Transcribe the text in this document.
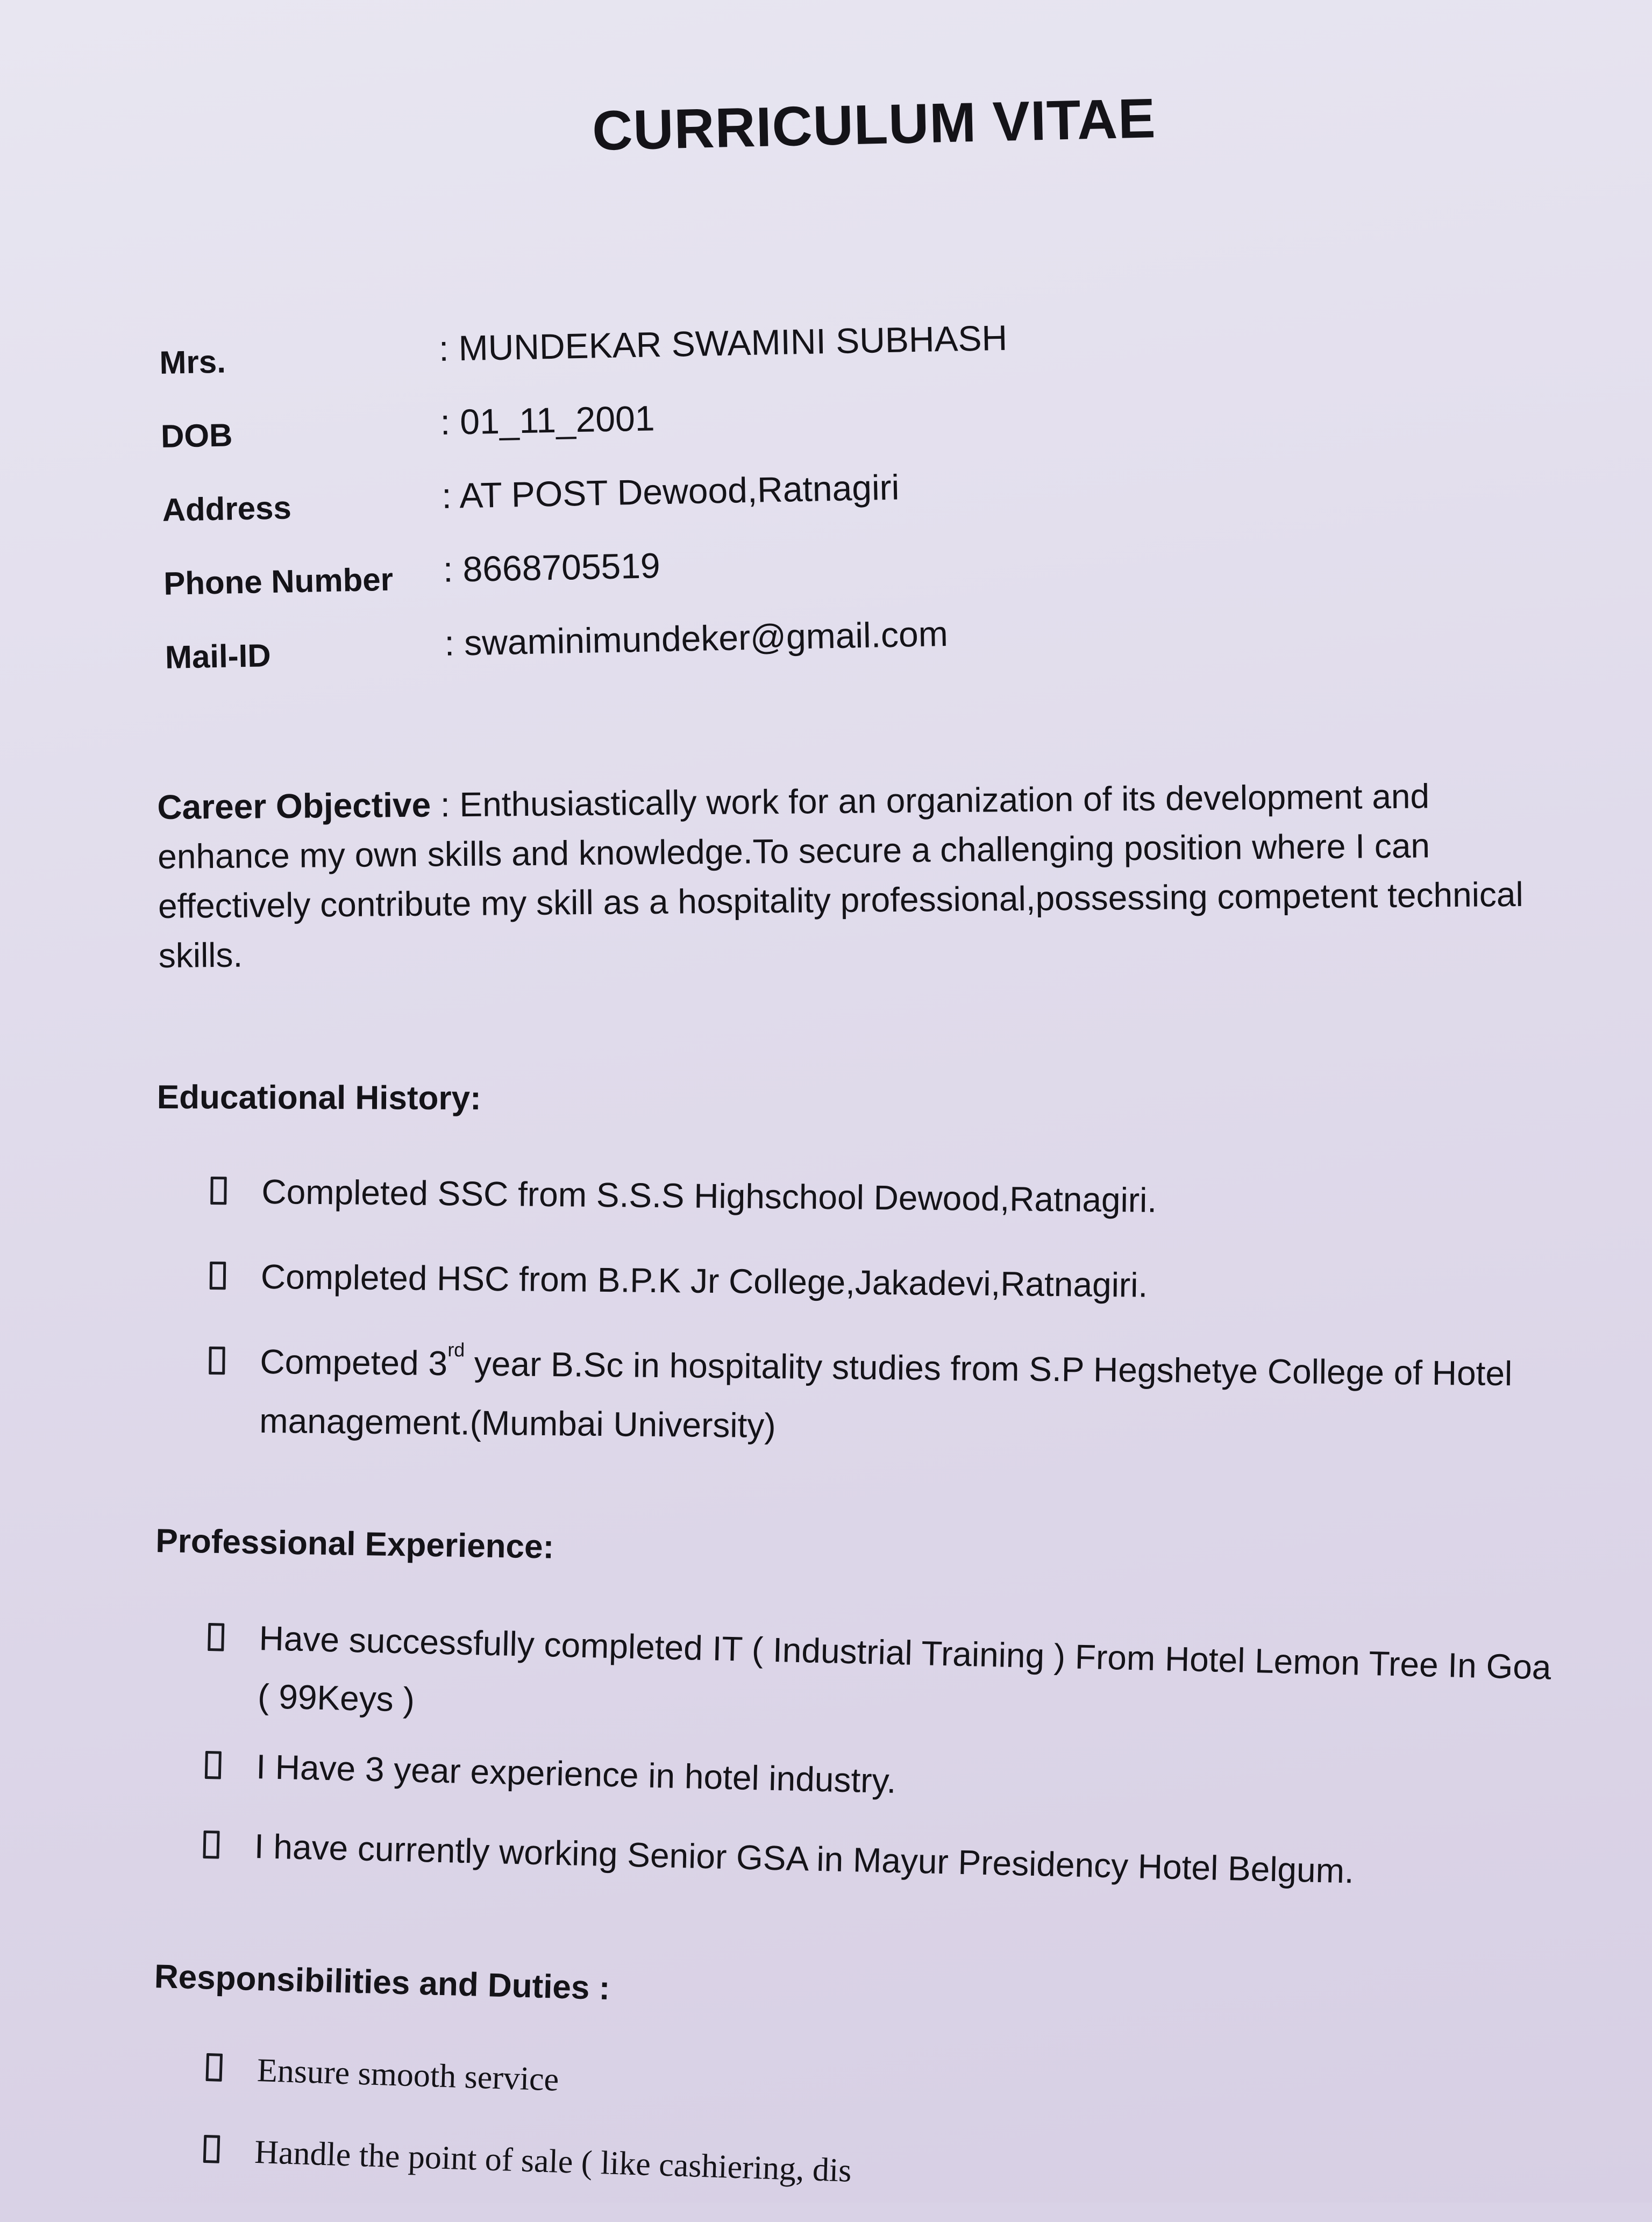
CURRICULUM VITAE
Mrs.	: MUNDEKAR SWAMINI SUBHASH
DOB	: 01_11_2001
Address	: AT POST Dewood,Ratnagiri
Phone Number : 8668705519
Mail-ID	: swaminimundeker@gmail.com
Career Objective : Enthusiastically work for an organization of its development and enhance my own skills and knowledge.To secure a challenging position where I can effectively contribute my skill as a hospitality professional,possessing competent technical skills.
Educational History:
Completed SSC from S.S.S Highschool Dewood,Ratnagiri.
Completed HSC from B.P.K Jr College,Jakadevi,Ratnagiri.
Competed 3rd year B.Sc in hospitality studies from S.P Hegshetye College of Hotel management.(Mumbai University)
Professional Experience:
Have successfully completed IT ( Industrial Training ) From Hotel Lemon Tree In Goa ( 99Keys )
I Have 3 year experience in hotel industry.
I have currently working Senior GSA in Mayur Presidency Hotel Belgum.
Responsibilities and Duties :
Ensure smooth service
Handle the point of sale ( like cashiering, dis
